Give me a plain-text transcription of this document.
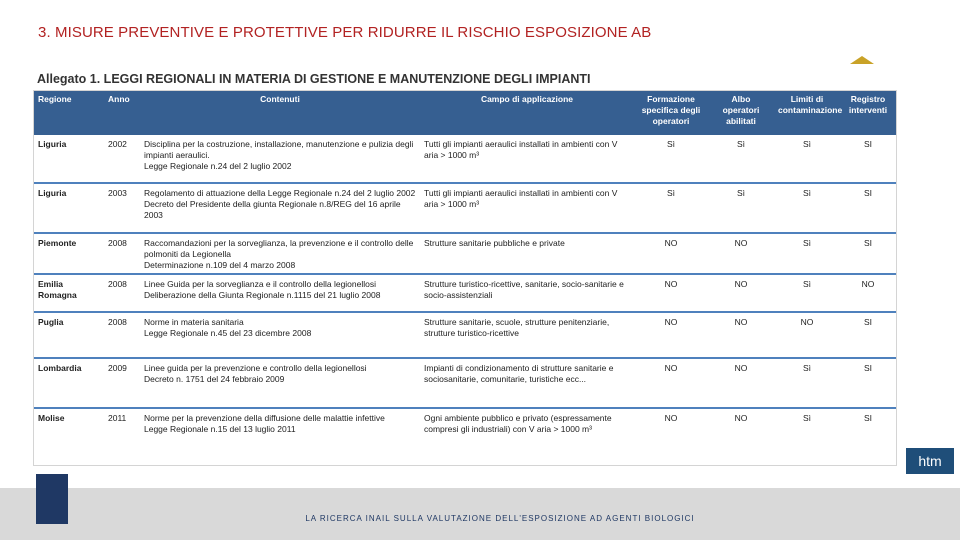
3. MISURE PREVENTIVE E PROTETTIVE PER RIDURRE IL RISCHIO ESPOSIZIONE AB
Allegato 1. LEGGI REGIONALI IN MATERIA DI GESTIONE E MANUTENZIONE DEGLI IMPIANTI
Regione	Anno	Contenuti	Campo di applicazione	Formazione specifica degli operatori	Albo operatori abilitati	Limiti di contaminazione	Registro interventi
Liguria	2002	Disciplina per la costruzione, installazione, manutenzione e pulizia degli impianti aeraulici.
Legge Regionale n.24 del 2 luglio 2002	Tutti gli impianti aeraulici installati in ambienti con V aria > 1000 m³	Sì	Sì	Sì	SI
Liguria	2003	Regolamento di attuazione della Legge Regionale n.24 del 2 luglio 2002
Decreto del Presidente della giunta Regionale n.8/REG del 16 aprile 2003	Tutti gli impianti aeraulici installati in ambienti con V aria > 1000 m³	Sì	Sì	Sì	SI
Piemonte	2008	Raccomandazioni per la sorveglianza, la prevenzione e il controllo delle polmoniti da Legionella
Determinazione n.109 del 4 marzo 2008	Strutture sanitarie pubbliche e private	NO	NO	Sì	SI
Emilia Romagna	2008	Linee Guida per la sorveglianza e il controllo della legionellosi
Deliberazione della Giunta Regionale n.1115 del 21 luglio 2008	Strutture turistico-ricettive, sanitarie, socio-sanitarie e socio-assistenziali	NO	NO	Sì	NO
Puglia	2008	Norme in materia sanitaria
Legge Regionale n.45 del 23 dicembre 2008	Strutture sanitarie, scuole, strutture penitenziarie, strutture turistico-ricettive	NO	NO	NO	SI
Lombardia	2009	Linee guida per la prevenzione e controllo della legionellosi
Decreto n. 1751 del 24 febbraio 2009	Impianti di condizionamento di strutture sanitarie e sociosanitarie, comunitarie, turistiche ecc...	NO	NO	Sì	SI
Molise	2011	Norme per la prevenzione della diffusione delle malattie infettive
Legge Regionale n.15 del 13 luglio 2011	Ogni ambiente pubblico e privato (espressamente compresi gli industriali) con V aria > 1000 m³	NO	NO	Sì	SI
htm
LA RICERCA INAIL SULLA VALUTAZIONE DELL'ESPOSIZIONE AD AGENTI BIOLOGICI
